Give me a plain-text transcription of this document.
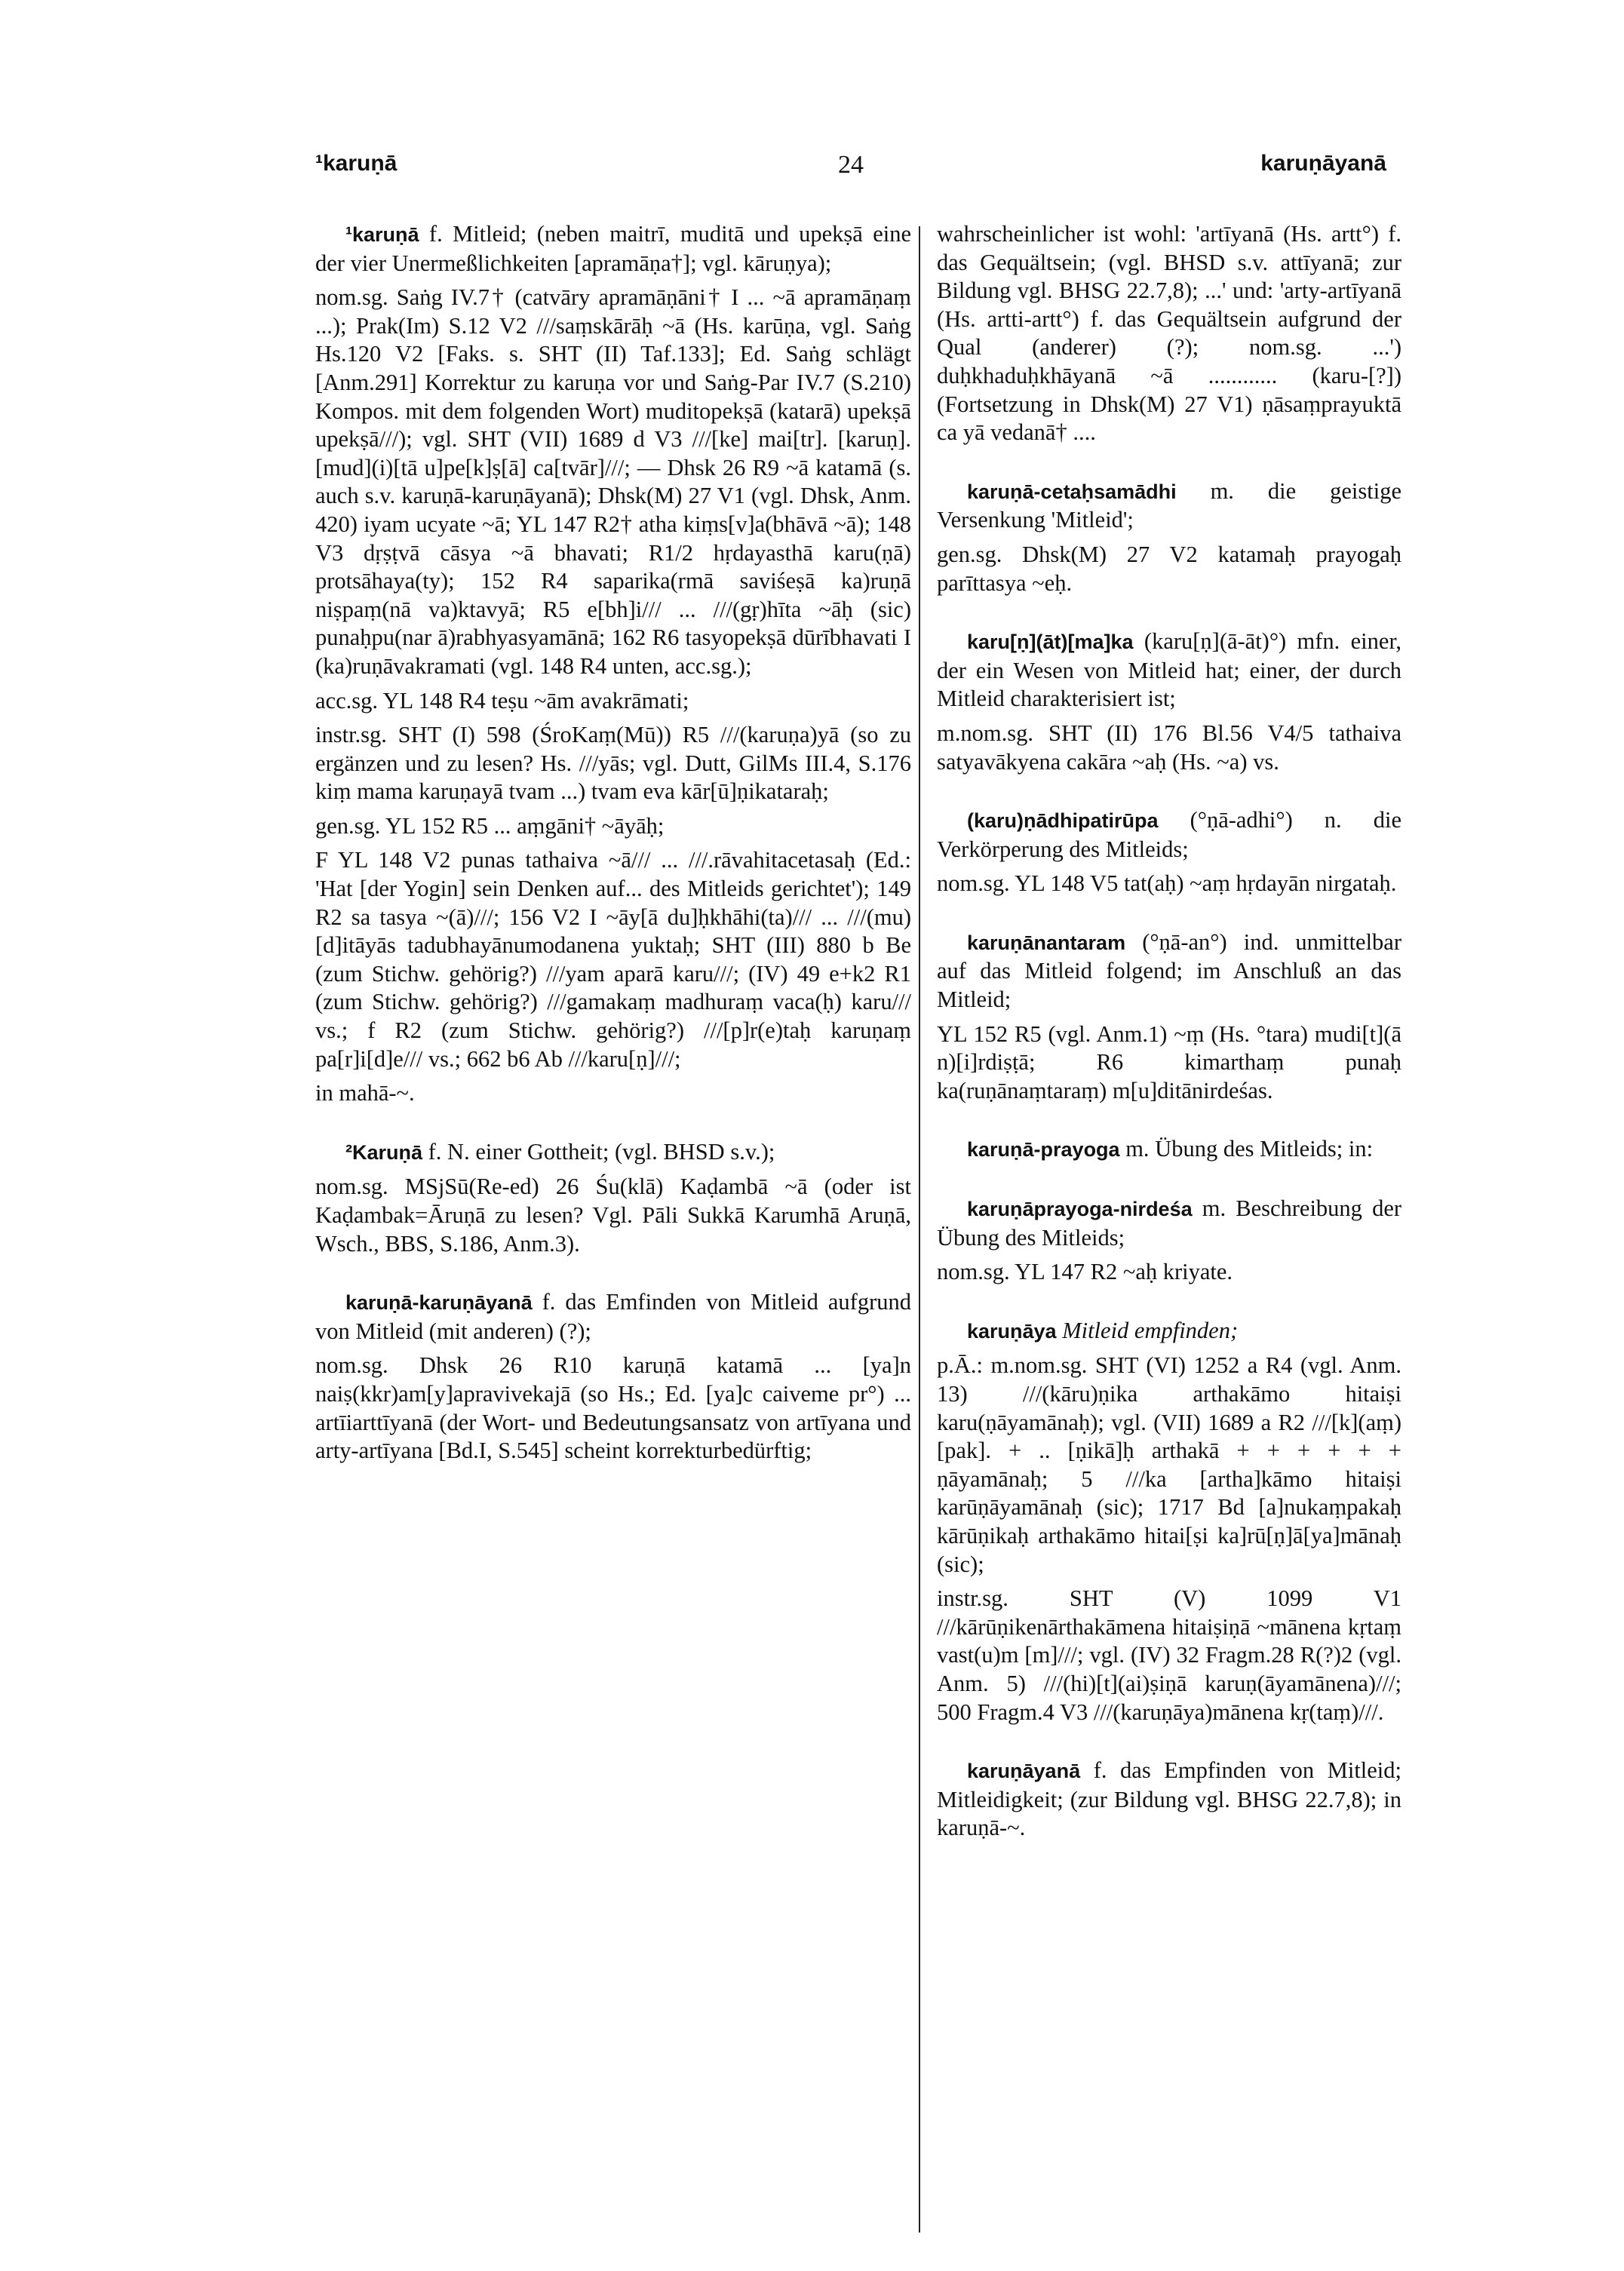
¹karuṇā	24	karuṇāyanā

¹karuṇā f. Mitleid; (neben maitrī, muditā und upekṣā eine der vier Unermeßlichkeiten [apramāṇa†]; vgl. kāruṇya);

nom.sg. Saṅg IV.7† (catvāry apramāṇāni† I ... ~ā apramāṇaṃ ...); Prak(Im) S.12 V2 ///saṃskārāḥ ~ā (Hs. karūṇa, vgl. Saṅg Hs.120 V2 [Faks. s. SHT (II) Taf.133]; Ed. Saṅg schlägt [Anm.291] Korrektur zu karuṇa vor und Saṅg-Par IV.7 (S.210) Kompos. mit dem folgenden Wort) muditopekṣā (katarā) upekṣā upekṣā///); vgl. SHT (VII) 1689 d V3 ///[ke] mai[tr]. [karuṇ]. [mud](i)[tā u]pe[k]ṣ[ā] ca[tvār]///; — Dhsk 26 R9 ~ā katamā (s. auch s.v. karuṇā-karuṇāyanā); Dhsk(M) 27 V1 (vgl. Dhsk, Anm. 420) iyam ucyate ~ā; YL 147 R2† atha kiṃs[v]a(bhāvā ~ā); 148 V3 dṛṣṭvā cāsya ~ā bhavati; R1/2 hṛdayasthā karu(ṇā) protsāhaya(ty); 152 R4 saparika(rmā saviśeṣā ka)ruṇā niṣpaṃ(nā va)ktavyā; R5 e[bh]i/// ... ///(gṛ)hīta ~āḥ (sic) punaḥpu(nar ā)rabhyasyamānā; 162 R6 tasyopekṣā dūrībhavati I (ka)ruṇāvakramati (vgl. 148 R4 unten, acc.sg.);

acc.sg. YL 148 R4 teṣu ~ām avakrāmati;

instr.sg. SHT (I) 598 (ŚroKaṃ(Mū)) R5 ///(karuṇa)yā (so zu ergänzen und zu lesen? Hs. ///yās; vgl. Dutt, GilMs III.4, S.176 kiṃ mama karuṇayā tvam ...) tvam eva kār[ū]ṇikataraḥ;

gen.sg. YL 152 R5 ... aṃgāni† ~āyāḥ;

F YL 148 V2 punas tathaiva ~ā/// ... ///.rāvahitacetasaḥ (Ed.: 'Hat [der Yogin] sein Denken auf... des Mitleids gerichtet'); 149 R2 sa tasya ~(ā)///; 156 V2 I ~āy[ā du]ḥkhāhi(ta)/// ... ///(mu)[d]itāyās tadubhayānumodanena yuktaḥ; SHT (III) 880 b Be (zum Stichw. gehörig?) ///yam aparā karu///; (IV) 49 e+k2 R1 (zum Stichw. gehörig?) ///gamakaṃ madhuraṃ vaca(ḥ) karu/// vs.; f R2 (zum Stichw. gehörig?) ///[p]r(e)taḥ karuṇaṃ pa[r]i[d]e/// vs.; 662 b6 Ab ///karu[ṇ]///;

in mahā-~.

²Karuṇā f. N. einer Gottheit; (vgl. BHSD s.v.);

nom.sg. MSjSū(Re-ed) 26 Śu(klā) Kaḍambā ~ā (oder ist Kaḍambak=Āruṇā zu lesen? Vgl. Pāli Sukkā Karumhā Aruṇā, Wsch., BBS, S.186, Anm.3).

karuṇā-karuṇāyanā f. das Emfinden von Mitleid aufgrund von Mitleid (mit anderen) (?);

nom.sg. Dhsk 26 R10 karuṇā katamā ... [ya]n naiṣ(kkr)am[y]apravivekajā (so Hs.; Ed. [ya]c caiveme pr°) ... artīiarttīyanā (der Wort- und Bedeutungsansatz von artīyana und arty-artīyana [Bd.I, S.545] scheint korrekturbedürftig;

wahrscheinlicher ist wohl: 'artīyanā (Hs. artt°) f. das Gequältsein; (vgl. BHSD s.v. attīyanā; zur Bildung vgl. BHSG 22.7,8); ...' und: 'arty-artīyanā (Hs. artti-artt°) f. das Gequältsein aufgrund der Qual (anderer) (?); nom.sg. ...') duḥkhaduḥkhāyanā ~ā ............ (karu-[?]) (Fortsetzung in Dhsk(M) 27 V1) ṇāsaṃprayuktā ca yā vedanā† ....

karuṇā-cetaḥsamādhi m. die geistige Versenkung 'Mitleid';

gen.sg. Dhsk(M) 27 V2 katamaḥ prayogaḥ parīttasya ~eḥ.

karu[ṇ](āt)[ma]ka (karu[ṇ](ā-āt)°) mfn. einer, der ein Wesen von Mitleid hat; einer, der durch Mitleid charakterisiert ist;

m.nom.sg. SHT (II) 176 Bl.56 V4/5 tathaiva satyavākyena cakāra ~aḥ (Hs. ~a) vs.

(karu)ṇādhipatirūpa (°ṇā-adhi°) n. die Verkörperung des Mitleids;

nom.sg. YL 148 V5 tat(aḥ) ~aṃ hṛdayān nirgataḥ.

karuṇānantaram (°ṇā-an°) ind. unmittelbar auf das Mitleid folgend; im Anschluß an das Mitleid;

YL 152 R5 (vgl. Anm.1) ~ṃ (Hs. °tara) mudi[t](ā n)[i]rdiṣṭā; R6 kimarthaṃ punaḥ ka(ruṇānaṃtaraṃ) m[u]ditānirdeśas.

karuṇā-prayoga m. Übung des Mitleids; in:

karuṇāprayoga-nirdeśa m. Beschreibung der Übung des Mitleids;

nom.sg. YL 147 R2 ~aḥ kriyate.

karuṇāya Mitleid empfinden;

p.Ā.: m.nom.sg. SHT (VI) 1252 a R4 (vgl. Anm. 13) ///(kāru)ṇika arthakāmo hitaiṣi karu(ṇāyamānaḥ); vgl. (VII) 1689 a R2 ///[k](aṃ)[pak]. + .. [ṇikā]ḥ arthakā + + + + + + ṇāyamānaḥ; 5 ///ka [artha]kāmo hitaiṣi karūṇāyamānaḥ (sic); 1717 Bd [a]nukaṃpakaḥ kārūṇikaḥ arthakāmo hitai[ṣi ka]rū[ṇ]ā[ya]mānaḥ (sic);

instr.sg. SHT (V) 1099 V1 ///kārūṇikenārthakāmena hitaiṣiṇā ~mānena kṛtaṃ vast(u)m [m]///; vgl. (IV) 32 Fragm.28 R(?)2 (vgl. Anm. 5) ///(hi)[t](ai)ṣiṇā karuṇ(āyamānena)///; 500 Fragm.4 V3 ///(karuṇāya)mānena kṛ(taṃ)///.

karuṇāyanā f. das Empfinden von Mitleid; Mitleidigkeit; (zur Bildung vgl. BHSG 22.7,8); in karuṇā-~.
